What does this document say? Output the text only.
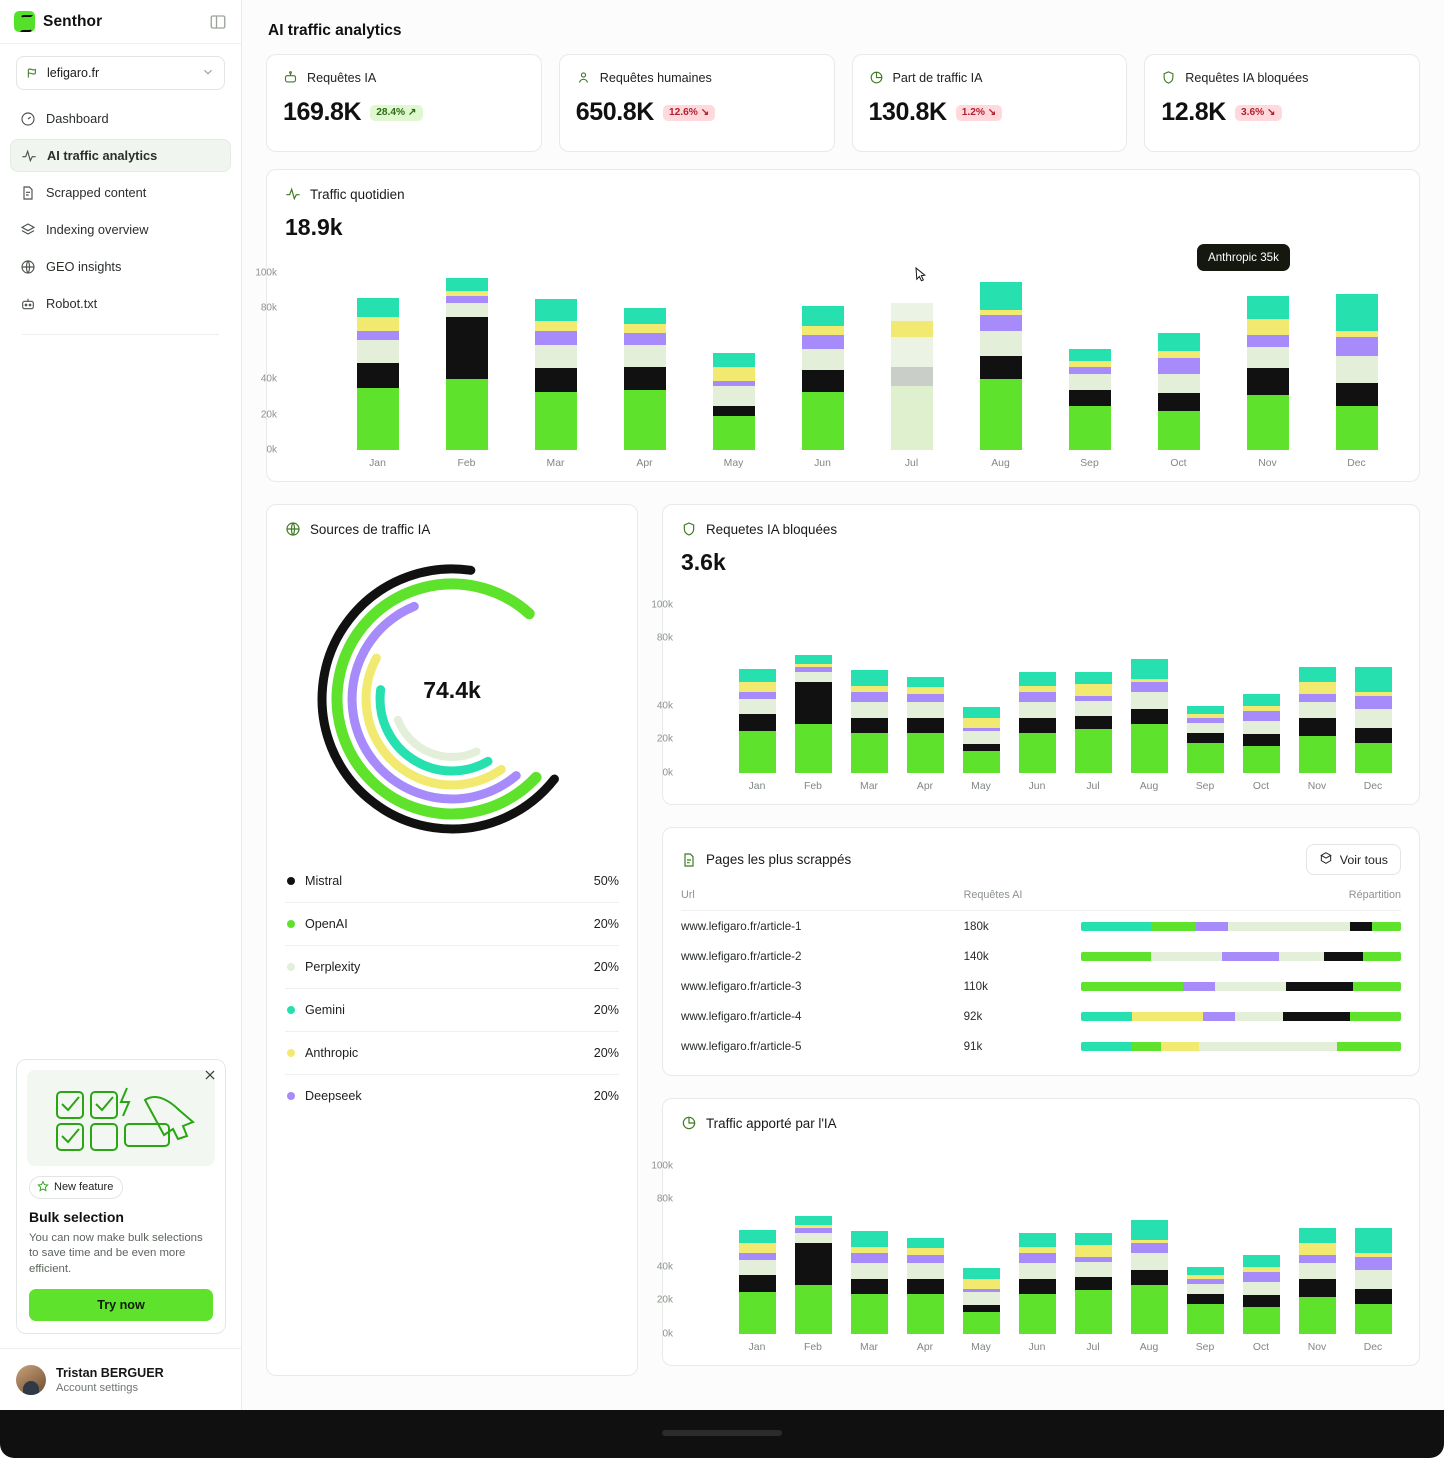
Senthor
lefigaro.fr
Dashboard
AI traffic analytics
Scrapped content
Indexing overview
GEO insights
Robot.txt
New feature
Bulk selection
You can now make bulk selections to save time and be even more efficient.
Try now
Tristan BERGUER
Account settings
AI traffic analytics
Requêtes IA
169.8K	28.4% ↗
Requêtes humaines
650.8K	12.6% ↘
Part de traffic IA
130.8K	1.2% ↘
Requêtes IA bloquées
12.8K	3.6% ↘
Traffic quotidien
18.9k
100k
80k
40k
20k
0k
Jan	Feb	Mar	Apr	May	Jun	Jul	Aug	Sep	Oct	Nov	Dec
Anthropic 35k
Sources de traffic IA
74.4k
Mistral	50%
OpenAI	20%
Perplexity	20%
Gemini	20%
Anthropic	20%
Deepseek	20%
Requetes IA bloquées
3.6k
100k
80k
40k
20k
0k
Jan	Feb	Mar	Apr	May	Jun	Jul	Aug	Sep	Oct	Nov	Dec
Pages les plus scrappés	Voir tous
Url	Requêtes AI	Répartition
www.lefigaro.fr/article-1	180k	

www.lefigaro.fr/article-2	140k	

www.lefigaro.fr/article-3	110k	

www.lefigaro.fr/article-4	92k	

www.lefigaro.fr/article-5	91k	
Traffic apporté par l'IA
100k
80k
40k
20k
0k
Jan	Feb	Mar	Apr	May	Jun	Jul	Aug	Sep	Oct	Nov	Dec
